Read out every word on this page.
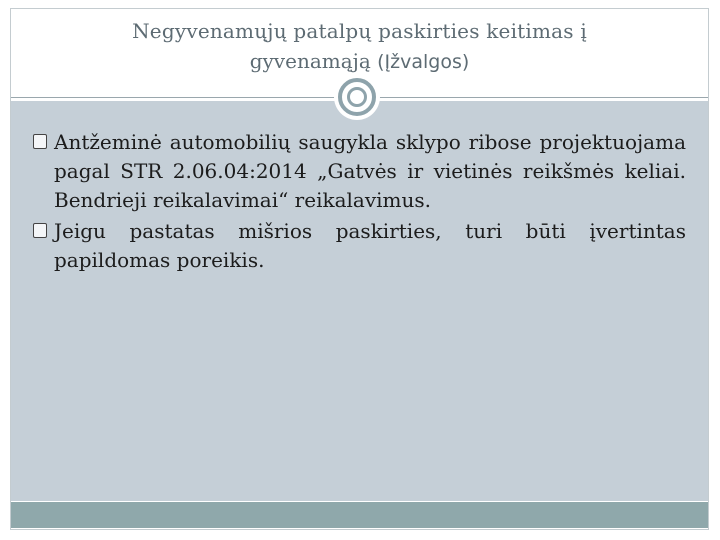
Negyvenamųjų patalpų paskirties keitimas į
gyvenamąją (Įžvalgos)
Antžeminė automobilių saugykla sklypo ribose projektuojama pagal STR 2.06.04:2014 „Gatvės ir vietinės reikšmės keliai. Bendrieji reikalavimai“ reikalavimus.
Jeigu pastatas mišrios paskirties, turi būti įvertintas papildomas poreikis.
